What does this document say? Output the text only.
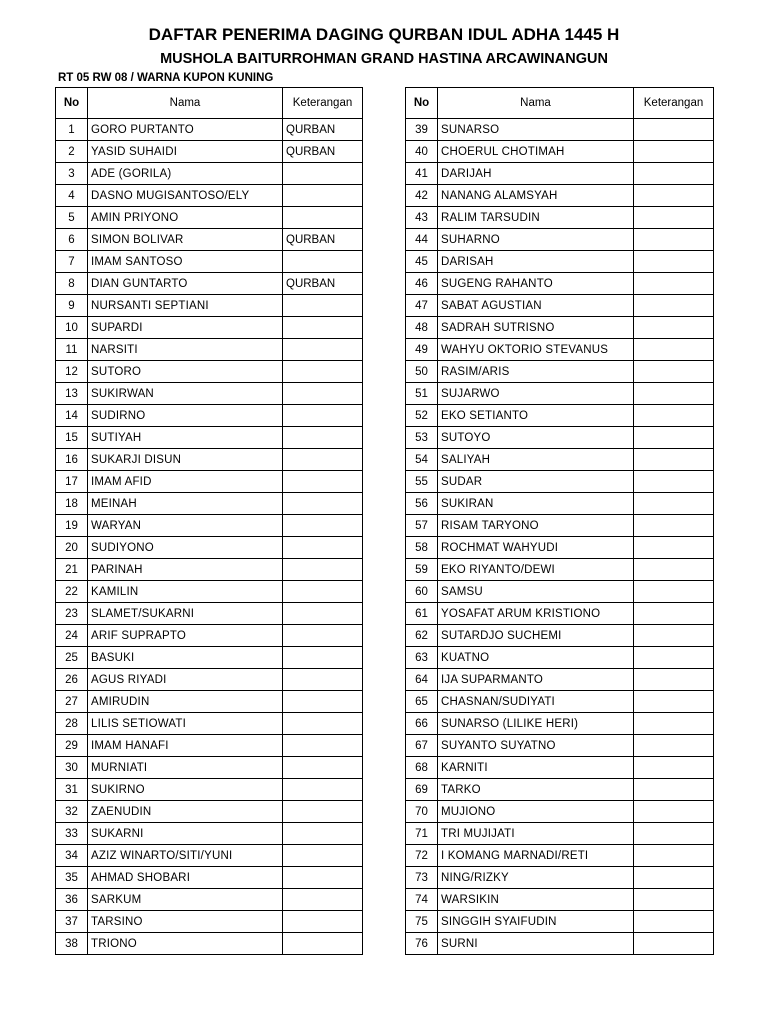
DAFTAR PENERIMA DAGING QURBAN IDUL ADHA 1445 H
MUSHOLA BAITURROHMAN GRAND HASTINA ARCAWINANGUN
RT 05 RW 08 / WARNA KUPON KUNING
No	Nama	Keterangan
1	GORO PURTANTO	QURBAN
2	YASID SUHAIDI	QURBAN
3	ADE (GORILA)	
4	DASNO MUGISANTOSO/ELY	
5	AMIN PRIYONO	
6	SIMON BOLIVAR	QURBAN
7	IMAM SANTOSO	
8	DIAN GUNTARTO	QURBAN
9	NURSANTI SEPTIANI	
10	SUPARDI	
11	NARSITI	
12	SUTORO	
13	SUKIRWAN	
14	SUDIRNO	
15	SUTIYAH	
16	SUKARJI DISUN	
17	IMAM AFID	
18	MEINAH	
19	WARYAN	
20	SUDIYONO	
21	PARINAH	
22	KAMILIN	
23	SLAMET/SUKARNI	
24	ARIF SUPRAPTO	
25	BASUKI	
26	AGUS RIYADI	
27	AMIRUDIN	
28	LILIS SETIOWATI	
29	IMAM HANAFI	
30	MURNIATI	
31	SUKIRNO	
32	ZAENUDIN	
33	SUKARNI	
34	AZIZ WINARTO/SITI/YUNI	
35	AHMAD SHOBARI	
36	SARKUM	
37	TARSINO	
38	TRIONO	
No	Nama	Keterangan
39	SUNARSO	
40	CHOERUL CHOTIMAH	
41	DARIJAH	
42	NANANG ALAMSYAH	
43	RALIM TARSUDIN	
44	SUHARNO	
45	DARISAH	
46	SUGENG RAHANTO	
47	SABAT AGUSTIAN	
48	SADRAH SUTRISNO	
49	WAHYU OKTORIO STEVANUS	
50	RASIM/ARIS	
51	SUJARWO	
52	EKO SETIANTO	
53	SUTOYO	
54	SALIYAH	
55	SUDAR	
56	SUKIRAN	
57	RISAM TARYONO	
58	ROCHMAT WAHYUDI	
59	EKO RIYANTO/DEWI	
60	SAMSU	
61	YOSAFAT ARUM KRISTIONO	
62	SUTARDJO SUCHEMI	
63	KUATNO	
64	IJA SUPARMANTO	
65	CHASNAN/SUDIYATI	
66	SUNARSO (LILIKE HERI)	
67	SUYANTO SUYATNO	
68	KARNITI	
69	TARKO	
70	MUJIONO	
71	TRI MUJIJATI	
72	I KOMANG MARNADI/RETI	
73	NING/RIZKY	
74	WARSIKIN	
75	SINGGIH SYAIFUDIN	
76	SURNI	
